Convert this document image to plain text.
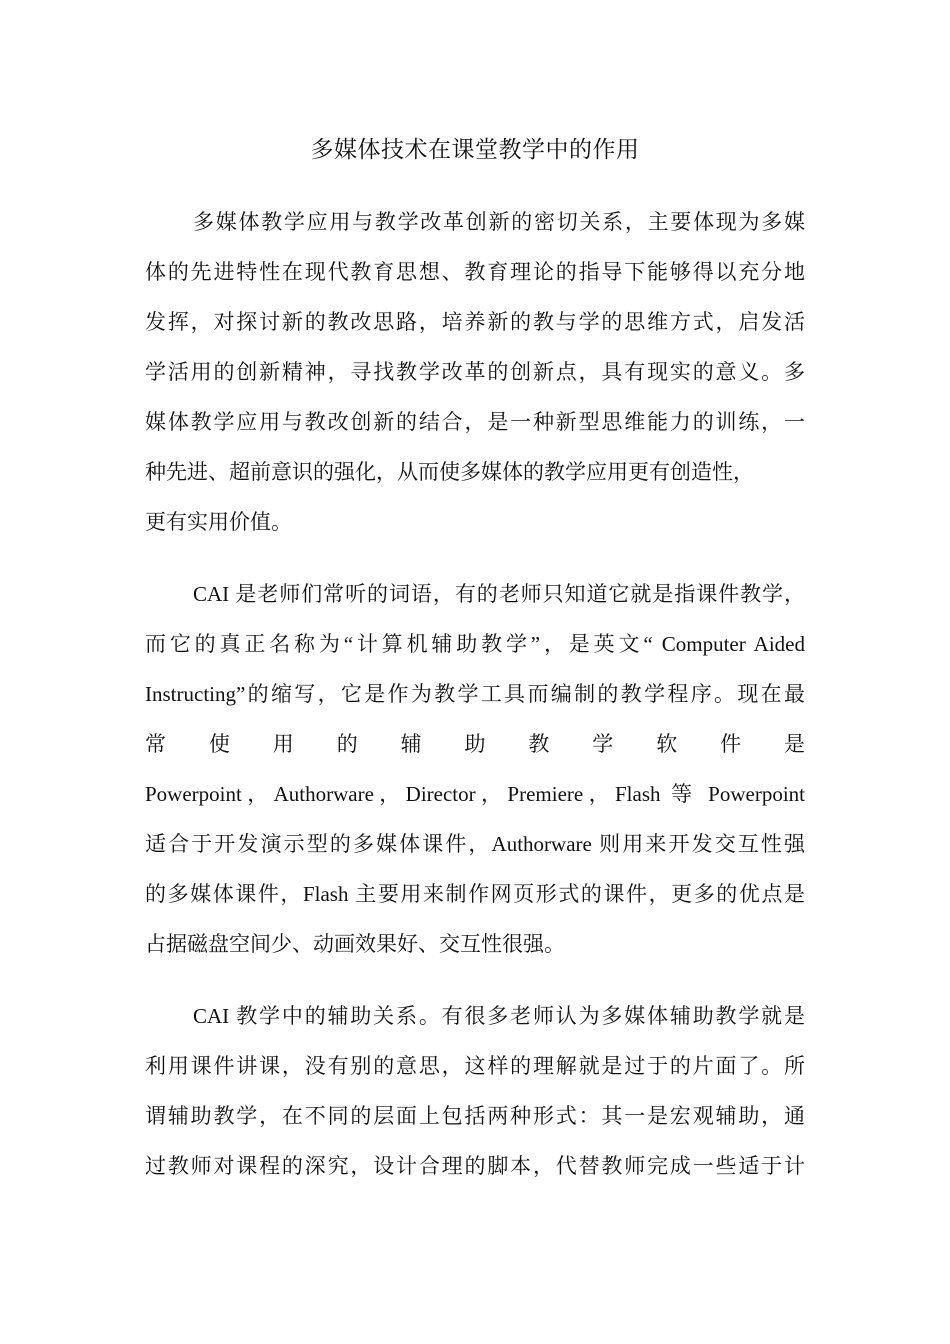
多媒体技术在课堂教学中的作用
多媒体教学应用与教学改革创新的密切关系，主要体现为多媒
体的先进特性在现代教育思想、教育理论的指导下能够得以充分地
发挥，对探讨新的教改思路，培养新的教与学的思维方式，启发活
学活用的创新精神，寻找教学改革的创新点，具有现实的意义。多
媒体教学应用与教改创新的结合，是一种新型思维能力的训练，一
种先进、超前意识的强化，从而使多媒体的教学应用更有创造性，
更有实用价值。
CAI 是老师们常听的词语，有的老师只知道它就是指课件教学，
而它的真正名称为“计算机辅助教学”，是英文“ Computer Aided
Instructing”的缩写，它是作为教学工具而编制的教学程序。现在最
常 使 用 的 辅 助 教 学 软 件 是
Powerpoint，Authorware，Director，Premiere，Flash 等 Powerpoint
适合于开发演示型的多媒体课件，Authorware 则用来开发交互性强
的多媒体课件，Flash 主要用来制作网页形式的课件，更多的优点是
占据磁盘空间少、动画效果好、交互性很强。
CAI 教学中的辅助关系。有很多老师认为多媒体辅助教学就是
利用课件讲课，没有别的意思，这样的理解就是过于的片面了。所
谓辅助教学，在不同的层面上包括两种形式：其一是宏观辅助，通
过教师对课程的深究，设计合理的脚本，代替教师完成一些适于计
